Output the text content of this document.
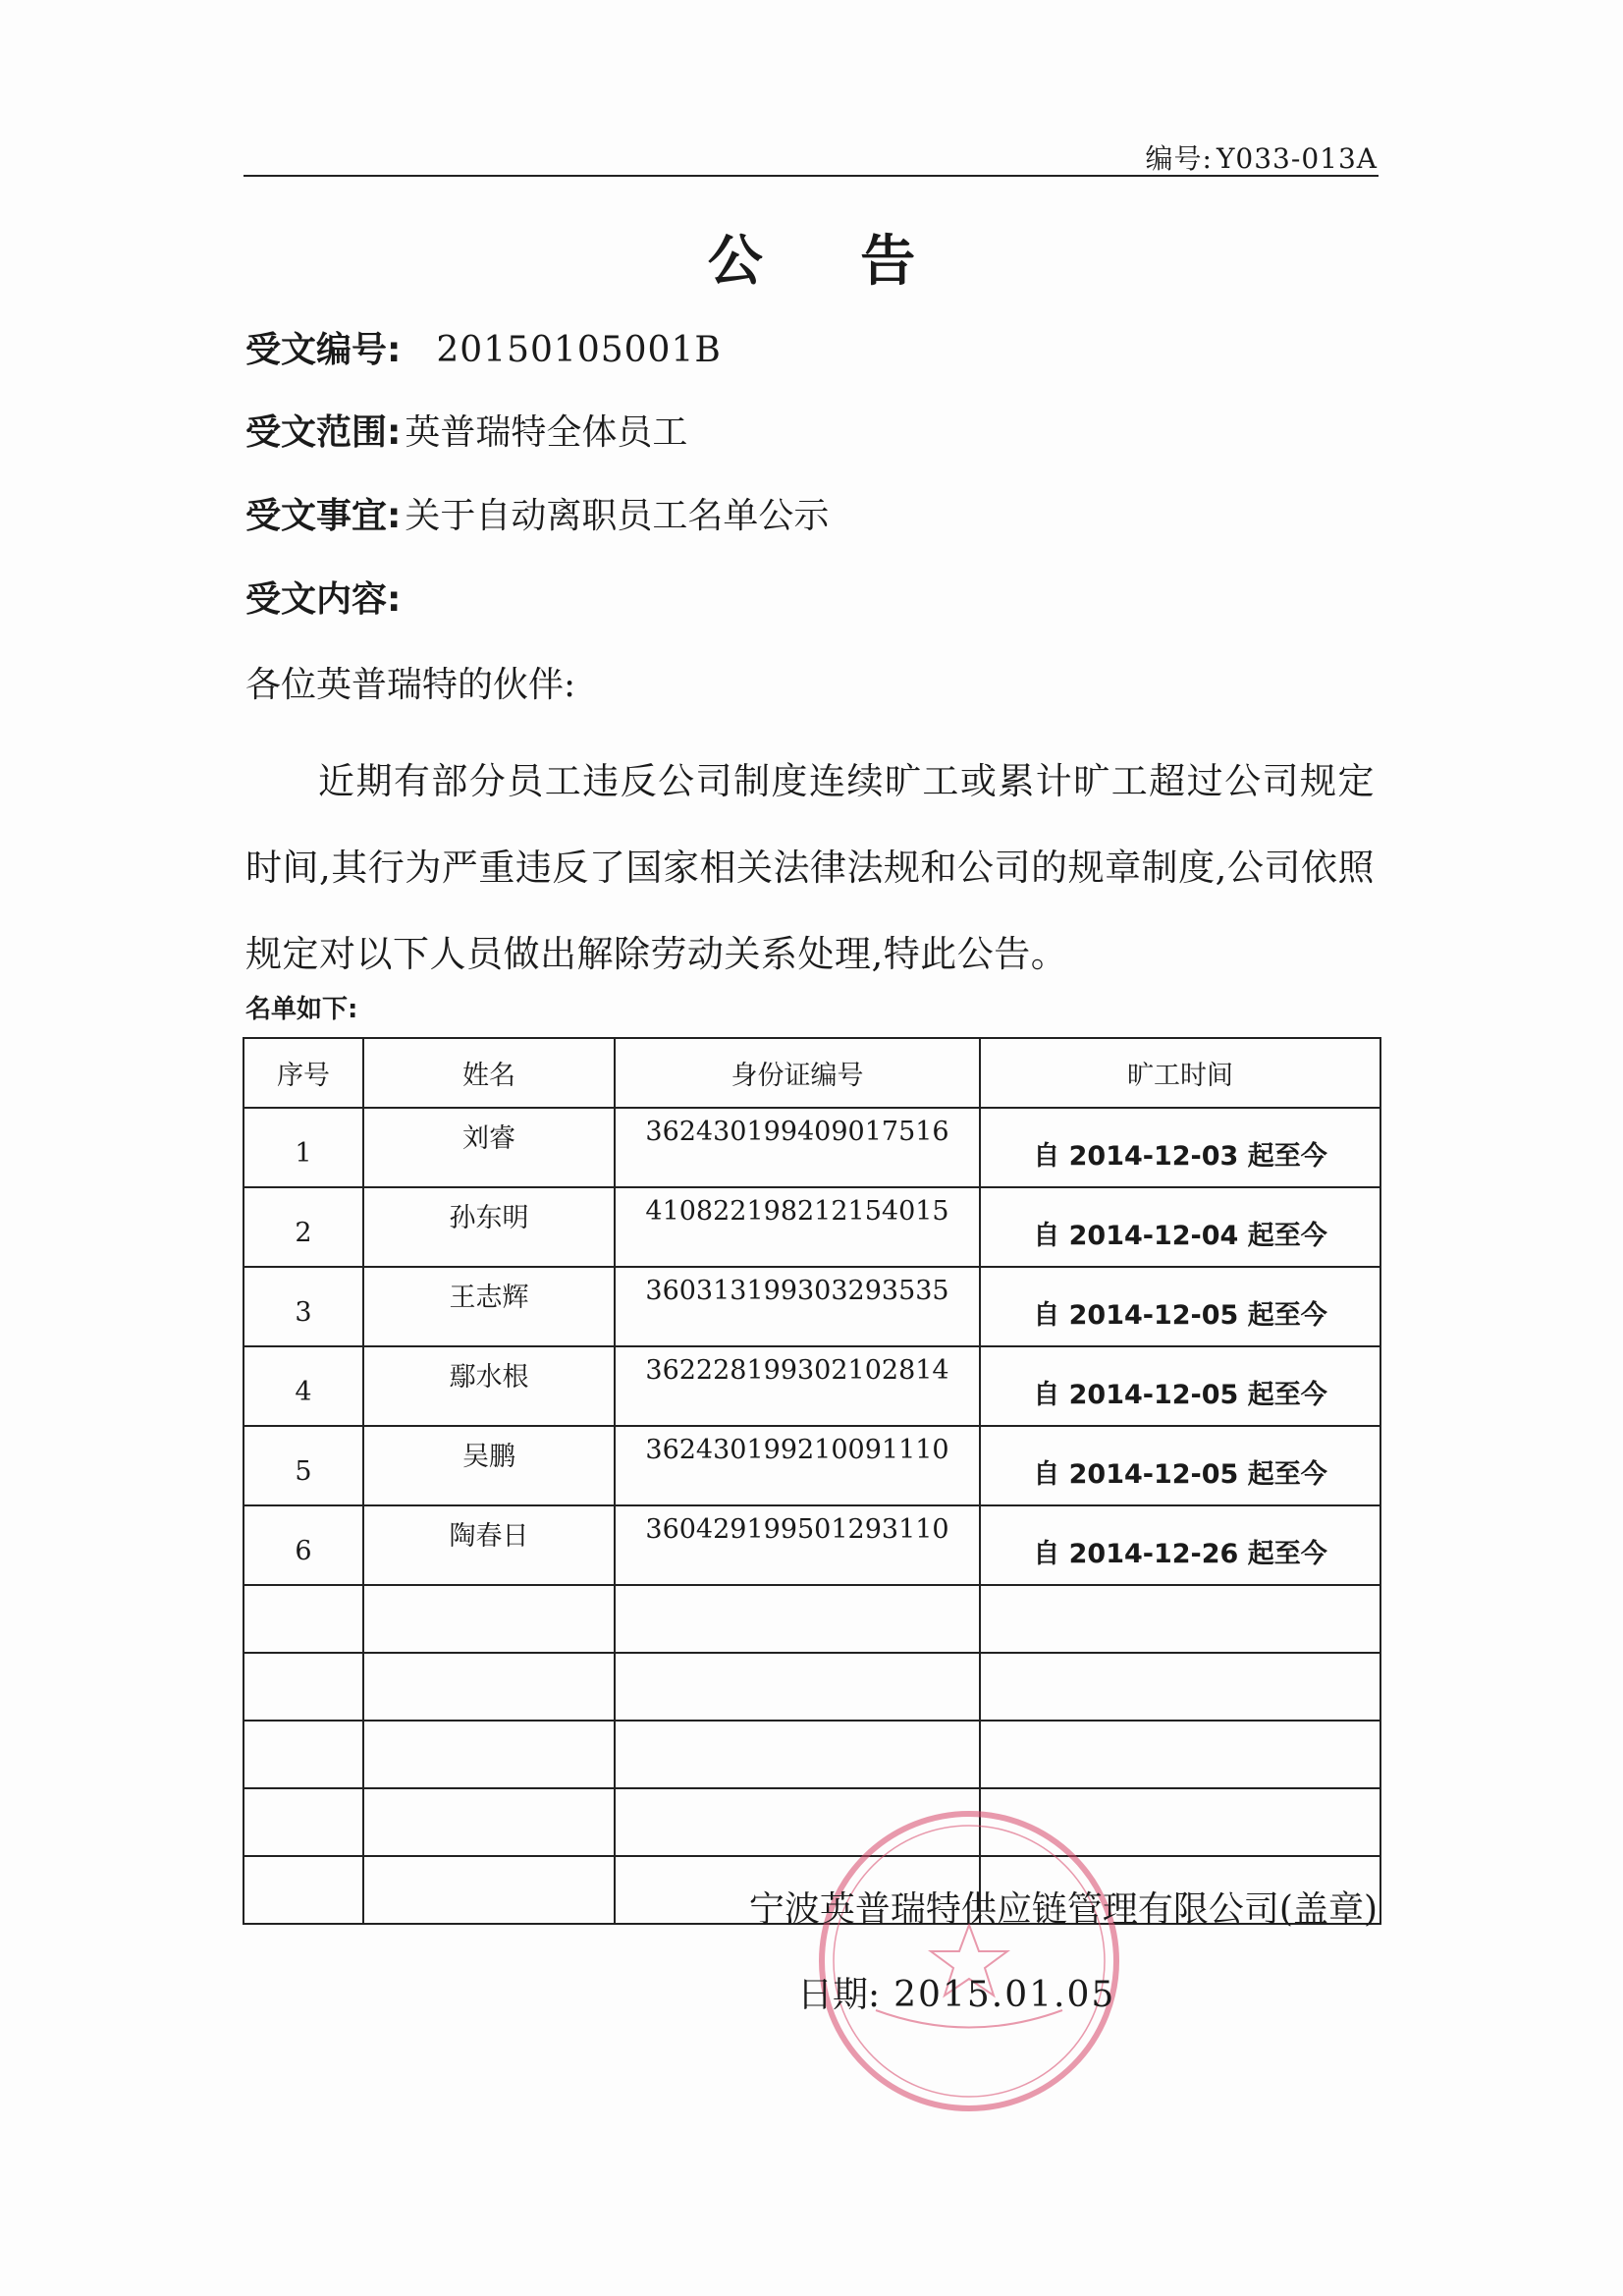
编号: Y033-013A
公 告
受文编号: 20150105001B
受文范围: 英普瑞特全体员工
受文事宜: 关于自动离职员工名单公示
受文内容:
各位英普瑞特的伙伴:
近期有部分员工违反公司制度连续旷工或累计旷工超过公司规定时间,其行为严重违反了国家相关法律法规和公司的规章制度,公司依照规定对以下人员做出解除劳动关系处理,特此公告。
名单如下:
序号	姓名	身份证编号	旷工时间
1	刘睿	362430199409017516	自 2014-12-03 起至今
2	孙东明	410822198212154015	自 2014-12-04 起至今
3	王志辉	360313199303293535	自 2014-12-05 起至今
4	鄢水根	362228199302102814	自 2014-12-05 起至今
5	吴鹏	362430199210091110	自 2014-12-05 起至今
6	陶春日	360429199501293110	自 2014-12-26 起至今

宁波英普瑞特供应链管理有限公司(盖章)
日期: 2015.01.05
